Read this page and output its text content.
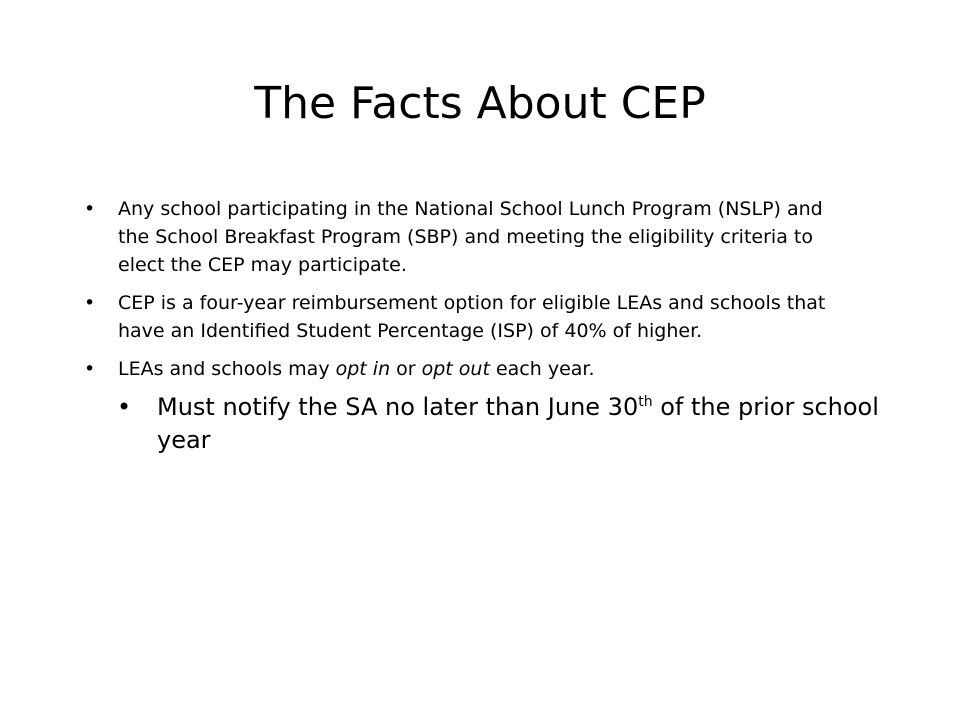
The Facts About CEP
• Any school participating in the National School Lunch Program (NSLP) and the School Breakfast Program (SBP) and meeting the eligibility criteria to elect the CEP may participate.
• CEP is a four-year reimbursement option for eligible LEAs and schools that have an Identified Student Percentage (ISP) of 40% of higher.
• LEAs and schools may opt in or opt out each year.
• Must notify the SA no later than June 30th of the prior school year
